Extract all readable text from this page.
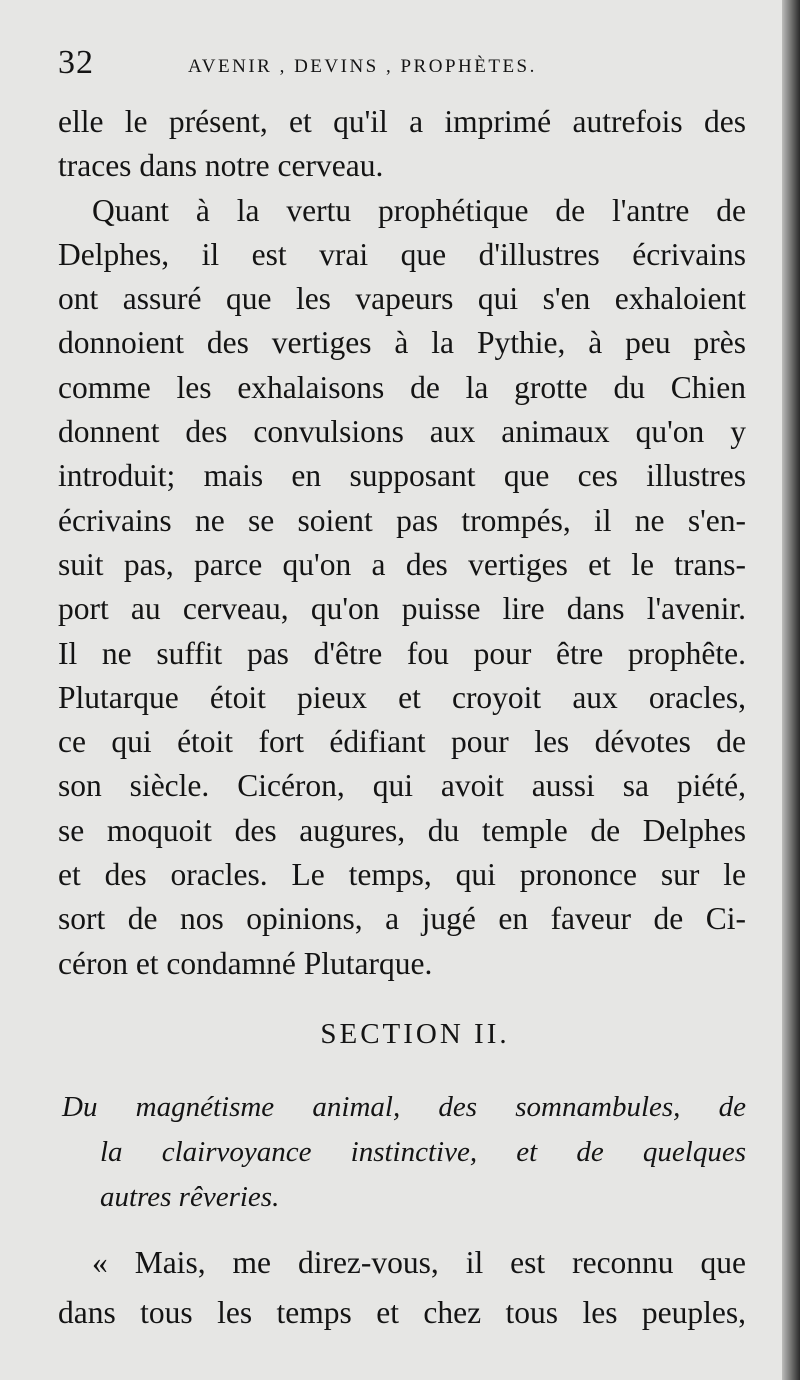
32	AVENIR , DEVINS , PROPHÈTES.
elle le présent, et qu'il a imprimé autrefois des
traces dans notre cerveau.
Quant à la vertu prophétique de l'antre de
Delphes, il est vrai que d'illustres écrivains
ont assuré que les vapeurs qui s'en exhaloient
donnoient des vertiges à la Pythie, à peu près
comme les exhalaisons de la grotte du Chien
donnent des convulsions aux animaux qu'on y
introduit; mais en supposant que ces illustres
écrivains ne se soient pas trompés, il ne s'en-
suit pas, parce qu'on a des vertiges et le trans-
port au cerveau, qu'on puisse lire dans l'avenir.
Il ne suffit pas d'être fou pour être prophête.
Plutarque étoit pieux et croyoit aux oracles,
ce qui étoit fort édifiant pour les dévotes de
son siècle. Cicéron, qui avoit aussi sa piété,
se moquoit des augures, du temple de Delphes
et des oracles. Le temps, qui prononce sur le
sort de nos opinions, a jugé en faveur de Ci-
céron et condamné Plutarque.
SECTION II.
Du magnétisme animal, des somnambules, de
la clairvoyance instinctive, et de quelques
autres rêveries.
« Mais, me direz-vous, il est reconnu que
dans tous les temps et chez tous les peuples,
